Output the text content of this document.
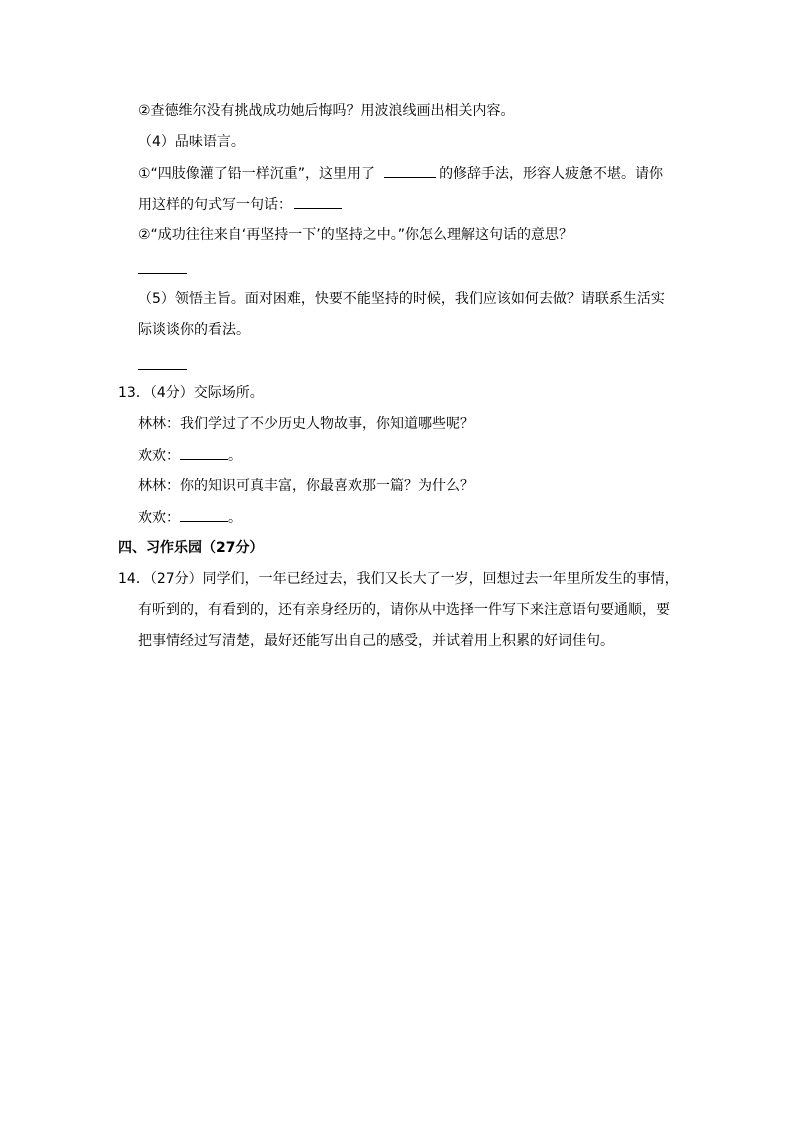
②查德维尔没有挑战成功她后悔吗？用波浪线画出相关内容。
（4）品味语言。
①“四肢像灌了铅一样沉重”，这里用了	的修辞手法，形容人疲惫不堪。请你
用这样的句式写一句话：
②“成功往往来自‘再坚持一下’的坚持之中。”你怎么理解这句话的意思？
（5）领悟主旨。面对困难，快要不能坚持的时候，我们应该如何去做？请联系生活实
际谈谈你的看法。
13．（4分）交际场所。
林林：我们学过了不少历史人物故事，你知道哪些呢？
欢欢：	。
林林：你的知识可真丰富，你最喜欢那一篇？为什么？
欢欢：	。
四、习作乐园（27分）
14．（27分）同学们，一年已经过去，我们又长大了一岁，回想过去一年里所发生的事情，
有听到的，有看到的，还有亲身经历的，请你从中选择一件写下来注意语句要通顺，要
把事情经过写清楚，最好还能写出自己的感受，并试着用上积累的好词佳句。
